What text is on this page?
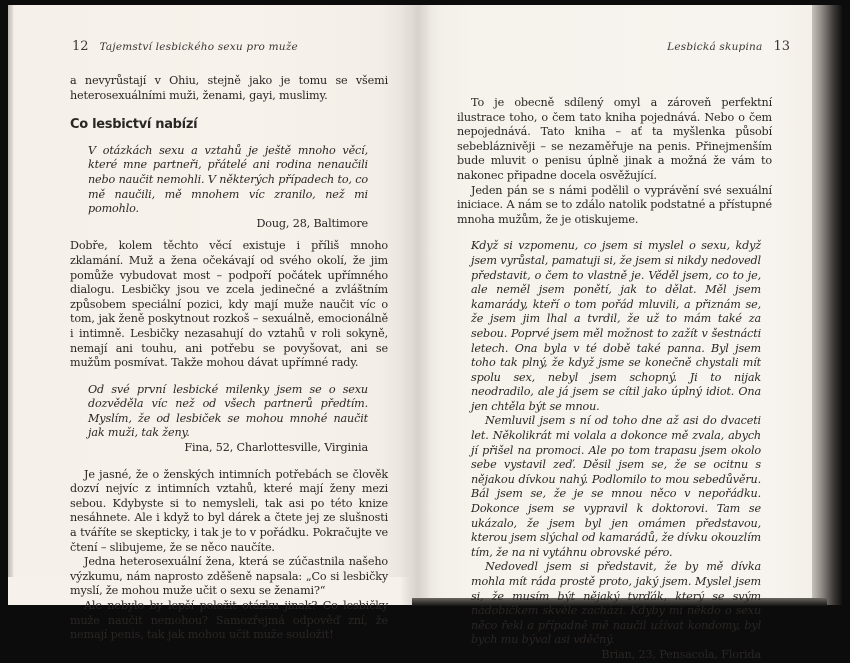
12 Tajemství lesbického sexu pro muže	Lesbická skupina 13

a nevyrůstají v Ohiu, stejně jako je tomu se všemi heterosexuálními muži, ženami, gayi, muslimy.

Co lesbictví nabízí

V otázkách sexu a vztahů je ještě mnoho věcí, které mne partneři, přátelé ani rodina nenaučili nebo naučit nemohli. V některých případech to, co mě naučili, mě mnohem víc zranilo, než mi pomohlo.

Doug, 28, Baltimore

Dobře, kolem těchto věcí existuje i příliš mnoho zklamání. Muž a žena očekávají od svého okolí, že jim pomůže vybudovat most – podpoří počátek upřímného dialogu. Lesbičky jsou ve zcela jedinečné a zvláštním způsobem speciální pozici, kdy mají muže naučit víc o tom, jak ženě poskytnout rozkoš – sexuálně, emocionálně i intimně. Lesbičky nezasahují do vztahů v roli sokyně, nemají ani touhu, ani potřebu se povyšovat, ani se mužům posmívat. Takže mohou dávat upřímné rady.

Od své první lesbické milenky jsem se o sexu dozvěděla víc než od všech partnerů předtím. Myslím, že od lesbiček se mohou mnohé naučit jak muži, tak ženy.

Fina, 52, Charlottesville, Virginia

Je jasné, že o ženských intimních potřebách se člověk dozví nejvíc z intimních vztahů, které mají ženy mezi sebou. Kdybyste si to nemysleli, tak asi po této knize nesáhnete. Ale i když to byl dárek a čtete jej ze slušnosti a tváříte se skepticky, i tak je to v pořádku. Pokračujte ve čtení – slibujeme, že se něco naučíte.

Jedna heterosexuální žena, která se zúčastnila našeho výzkumu, nám naprosto zděšeně napsala: „Co si lesbičky myslí, že mohou muže učit o sexu se ženami?“

Ale nebylo by lepší položit otázku jinak? Co lesbičky muže naučit nemohou? Samozřejmá odpověď zní, že nemají penis, tak jak mohou učit muže souložit!

To je obecně sdílený omyl a zároveň perfektní ilustrace toho, o čem tato kniha pojednává. Nebo o čem nepojednává. Tato kniha – ať ta myšlenka působí sebebláznivěji – se nezaměřuje na penis. Přinejmenším bude mluvit o penisu úplně jinak a možná že vám to nakonec připadne docela osvěžující.

Jeden pán se s námi podělil o vyprávění své sexuální iniciace. A nám se to zdálo natolik podstatné a přístupné mnoha mužům, že je otiskujeme.

Když si vzpomenu, co jsem si myslel o sexu, když jsem vyrůstal, pamatuji si, že jsem si nikdy nedovedl představit, o čem to vlastně je. Věděl jsem, co to je, ale neměl jsem ponětí, jak to dělat. Měl jsem kamarády, kteří o tom pořád mluvili, a přiznám se, že jsem jim lhal a tvrdil, že už to mám také za sebou. Poprvé jsem měl možnost to zažít v šestnácti letech. Ona byla v té době také panna. Byl jsem toho tak plný, že když jsme se konečně chystali mít spolu sex, nebyl jsem schopný. Ji to nijak neodradilo, ale já jsem se cítil jako úplný idiot. Ona jen chtěla být se mnou.

Nemluvil jsem s ní od toho dne až asi do dvaceti let. Několikrát mi volala a dokonce mě zvala, abych jí přišel na promoci. Ale po tom trapasu jsem okolo sebe vystavil zeď. Děsil jsem se, že se ocitnu s nějakou dívkou nahý. Podlomilo to mou sebedůvěru. Bál jsem se, že je se mnou něco v nepořádku. Dokonce jsem se vypravil k doktorovi. Tam se ukázalo, že jsem byl jen omámen představou, kterou jsem slýchal od kamarádů, že dívku okouzlím tím, že na ni vytáhnu obrovské péro.

Nedovedl jsem si představit, že by mě dívka mohla mít ráda prostě proto, jaký jsem. Myslel jsem si, že musím být nějaký tvrďák, který se svým nádobíčkem skvěle zachází. Kdyby mi někdo o sexu něco řekl a případně mě naučil užívat kondomy, byl bych mu býval asi vděčný.

Brian, 23, Pensacola, Florida
